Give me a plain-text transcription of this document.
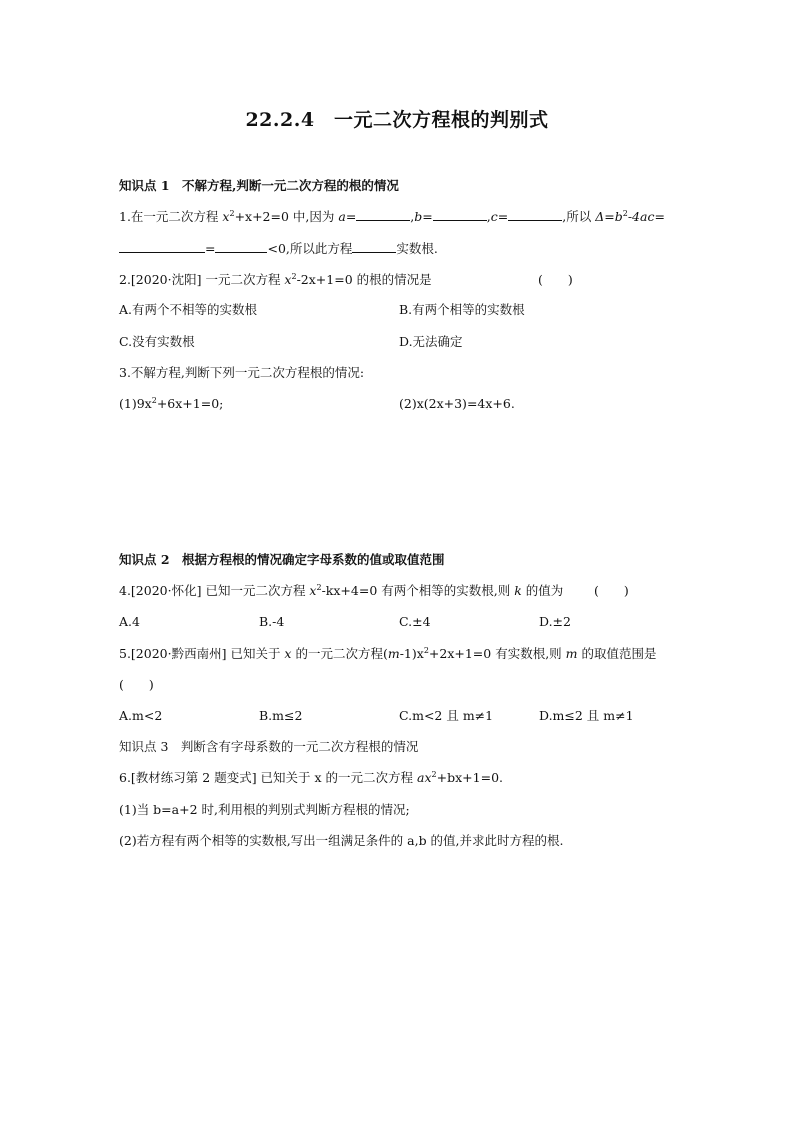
22.2.4　一元二次方程根的判别式
知识点 1　不解方程,判断一元二次方程的根的情况
1.在一元二次方程 $x^2+x+2=0$ 中,因为 a=	,b=	,c=	,所以 $\Delta=b^2-4ac=$
=	<0,所以此方程	实数根.
2.[2020·沈阳] 一元二次方程 $x^2-2x+1=0$ 的根的情况是	(　　)
A.有两个不相等的实数根	B.有两个相等的实数根
C.没有实数根	D.无法确定
3.不解方程,判断下列一元二次方程根的情况:
$(1)9x^2+6x+1=0$;	(2)x(2x+3)=4x+6.
知识点 2　根据方程根的情况确定字母系数的值或取值范围
4.[2020·怀化] 已知一元二次方程 $x^2-kx+4=0$ 有两个相等的实数根,则 k 的值为 (　　)
A.4	B.-4	C.±4	D.±2
5.[2020·黔西南州] 已知关于 x 的一元二次方程$(m-1)x^2+2x+1=0$ 有实数根,则 m 的取值范围是
(　　)
A.m<2	B.m≤2	C.m<2 且 m≠1	D.m≤2 且 m≠1
知识点 3　判断含有字母系数的一元二次方程根的情况
6.[教材练习第 2 题变式] 已知关于 x 的一元二次方程 $ax^2+bx+1=0$.
(1)当 b=a+2 时,利用根的判别式判断方程根的情况;
(2)若方程有两个相等的实数根,写出一组满足条件的 a,b 的值,并求此时方程的根.
